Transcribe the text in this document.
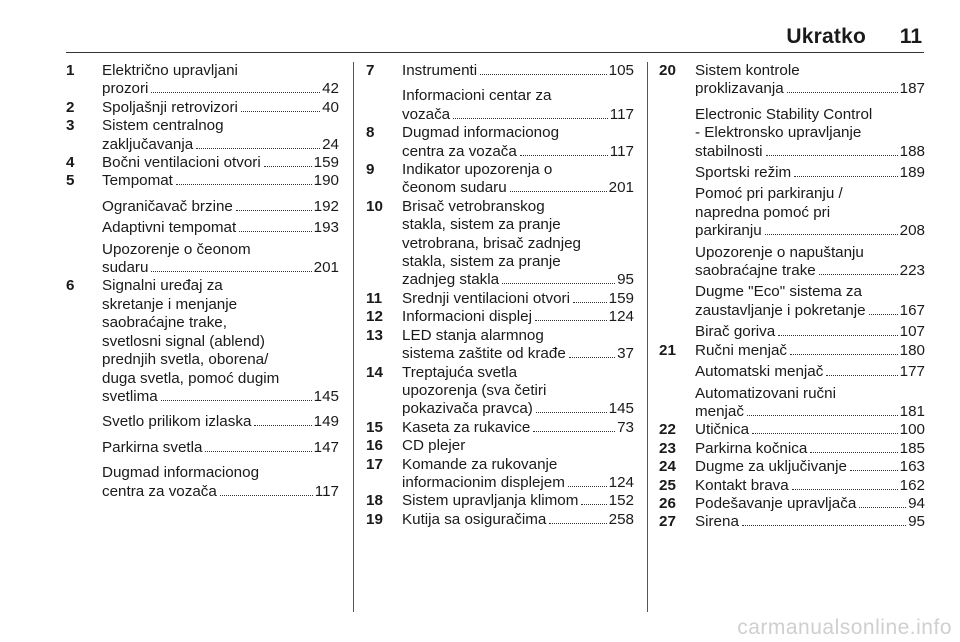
Ukratko 11
1 Električno upravljani
prozori	42
2 Spoljašnji retrovizori	40
3 Sistem centralnog
zaključavanja	24
4 Bočni ventilacioni otvori	159
5 Tempomat	190
Ograničavač brzine	192
Adaptivni tempomat	193
Upozorenje o čeonom
sudaru	201
6 Signalni uređaj za
skretanje i menjanje
saobraćajne trake,
svetlosni signal (ablend)
prednjih svetla, oborena/
duga svetla, pomoć dugim
svetlima	145
Svetlo prilikom izlaska	149
Parkirna svetla	147
Dugmad informacionog
centra za vozača	117
7 Instrumenti	105
Informacioni centar za
vozača	117
8 Dugmad informacionog
centra za vozača	117
9 Indikator upozorenja o
čeonom sudaru	201
10 Brisač vetrobranskog
stakla, sistem za pranje
vetrobrana, brisač zadnjeg
stakla, sistem za pranje
zadnjeg stakla	95
11 Srednji ventilacioni otvori	159
12 Informacioni displej	124
13 LED stanja alarmnog
sistema zaštite od krađe	37
14 Treptajuća svetla
upozorenja (sva četiri
pokazivača pravca)	145
15 Kaseta za rukavice	73
16 CD plejer
17 Komande za rukovanje
informacionim displejem	124
18 Sistem upravljanja klimom 152
19 Kutija sa osiguračima	258
20 Sistem kontrole
proklizavanja	187
Electronic Stability Control
- Elektronsko upravljanje
stabilnosti	188
Sportski režim	189
Pomoć pri parkiranju /
napredna pomoć pri
parkiranju	208
Upozorenje o napuštanju
saobraćajne trake	223
Dugme "Eco" sistema za
zaustavljanje i pokretanje 167
Birač goriva	107
21 Ručni menjač	180
Automatski menjač	177
Automatizovani ručni
menjač	181
22 Utičnica	100
23 Parkirna kočnica	185
24 Dugme za uključivanje	163
25 Kontakt brava	162
26 Podešavanje upravljača	94
27 Sirena	95
carmanualsonline.info
